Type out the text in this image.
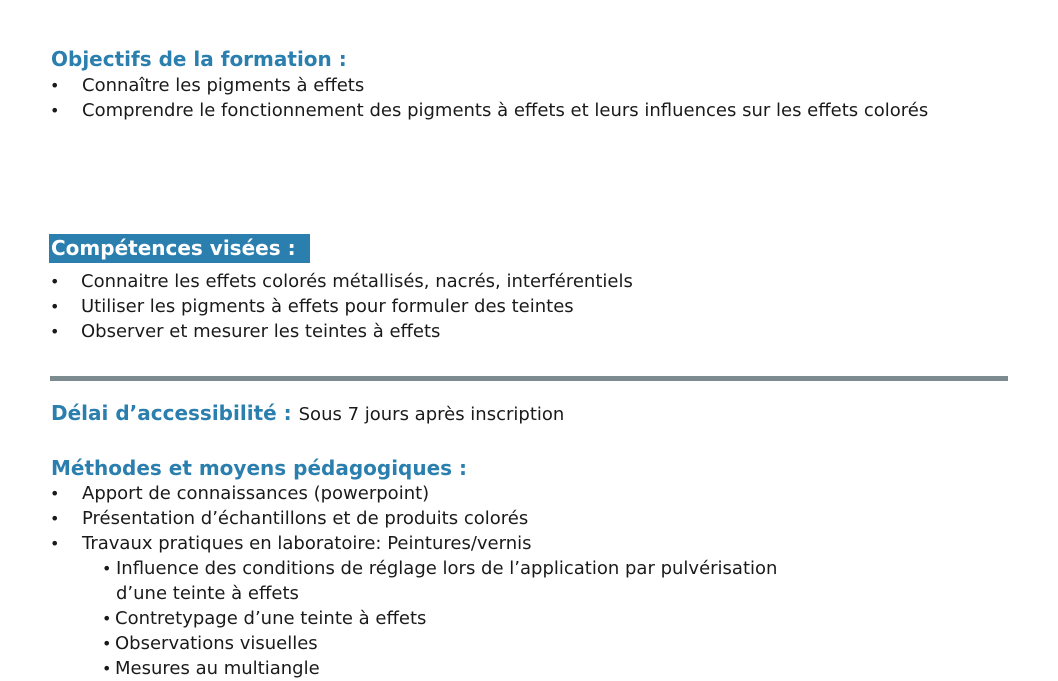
Objectifs de la formation :
• Connaître les pigments à effets
• Comprendre le fonctionnement des pigments à effets et leurs influences sur les effets colorés
Compétences visées :
• Connaitre les effets colorés métallisés, nacrés, interférentiels
• Utiliser les pigments à effets pour formuler des teintes
• Observer et mesurer les teintes à effets
Délai d’accessibilité : Sous 7 jours après inscription
Méthodes et moyens pédagogiques :
• Apport de connaissances (powerpoint)
• Présentation d’échantillons et de produits colorés
• Travaux pratiques en laboratoire: Peintures/vernis
• Influence des conditions de réglage lors de l’application par pulvérisation
d’une teinte à effets
• Contretypage d’une teinte à effets
• Observations visuelles
• Mesures au multiangle
